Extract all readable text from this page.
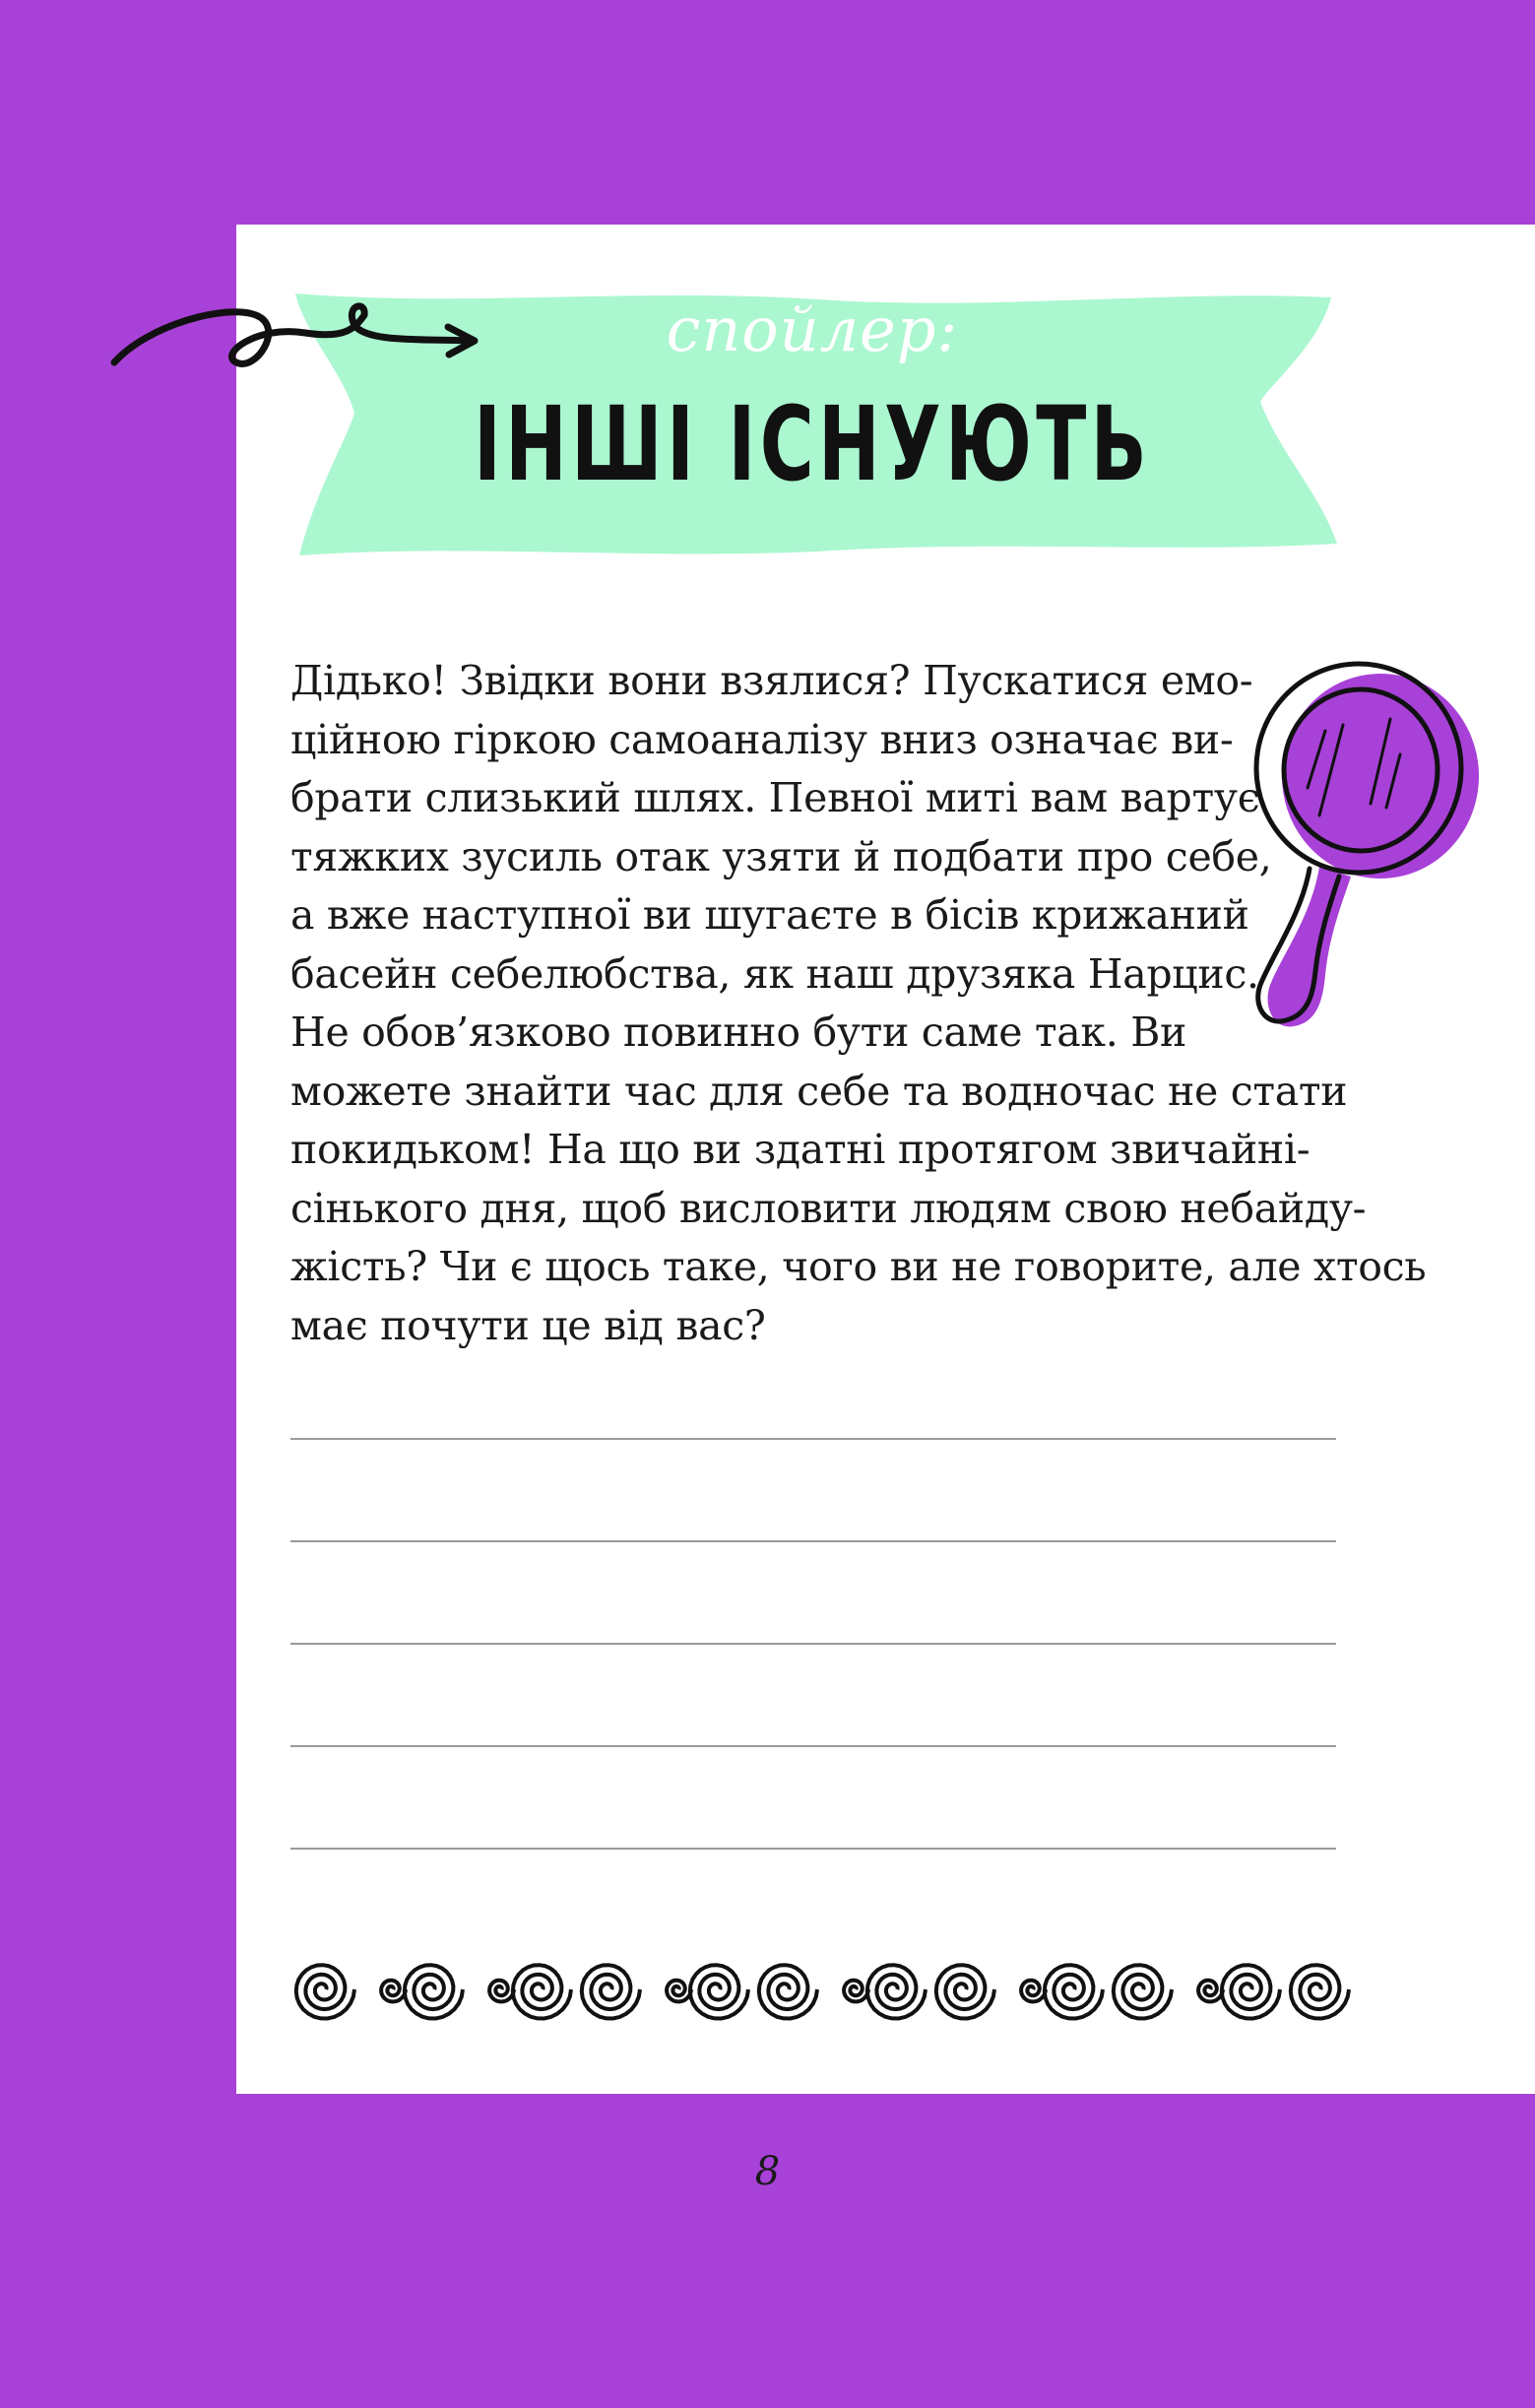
спойлер:
ІНШІ ІСНУЮТЬ
Дідько! Звідки вони взялися? Пускатися емо-
ційною гіркою самоаналізу вниз означає ви-
брати слизький шлях. Певної миті вам вартує
тяжких зусиль отак узяти й подбати про себе,
а вже наступної ви шугаєте в бісів крижаний
басейн себелюбства, як наш друзяка Нарцис.
Не обов’язково повинно бути саме так. Ви
можете знайти час для себе та водночас не стати
покидьком! На що ви здатні протягом звичайні-
сінького дня, щоб висловити людям свою небайду-
жість? Чи є щось таке, чого ви не говорите, але хтось
має почути це від вас?
8
